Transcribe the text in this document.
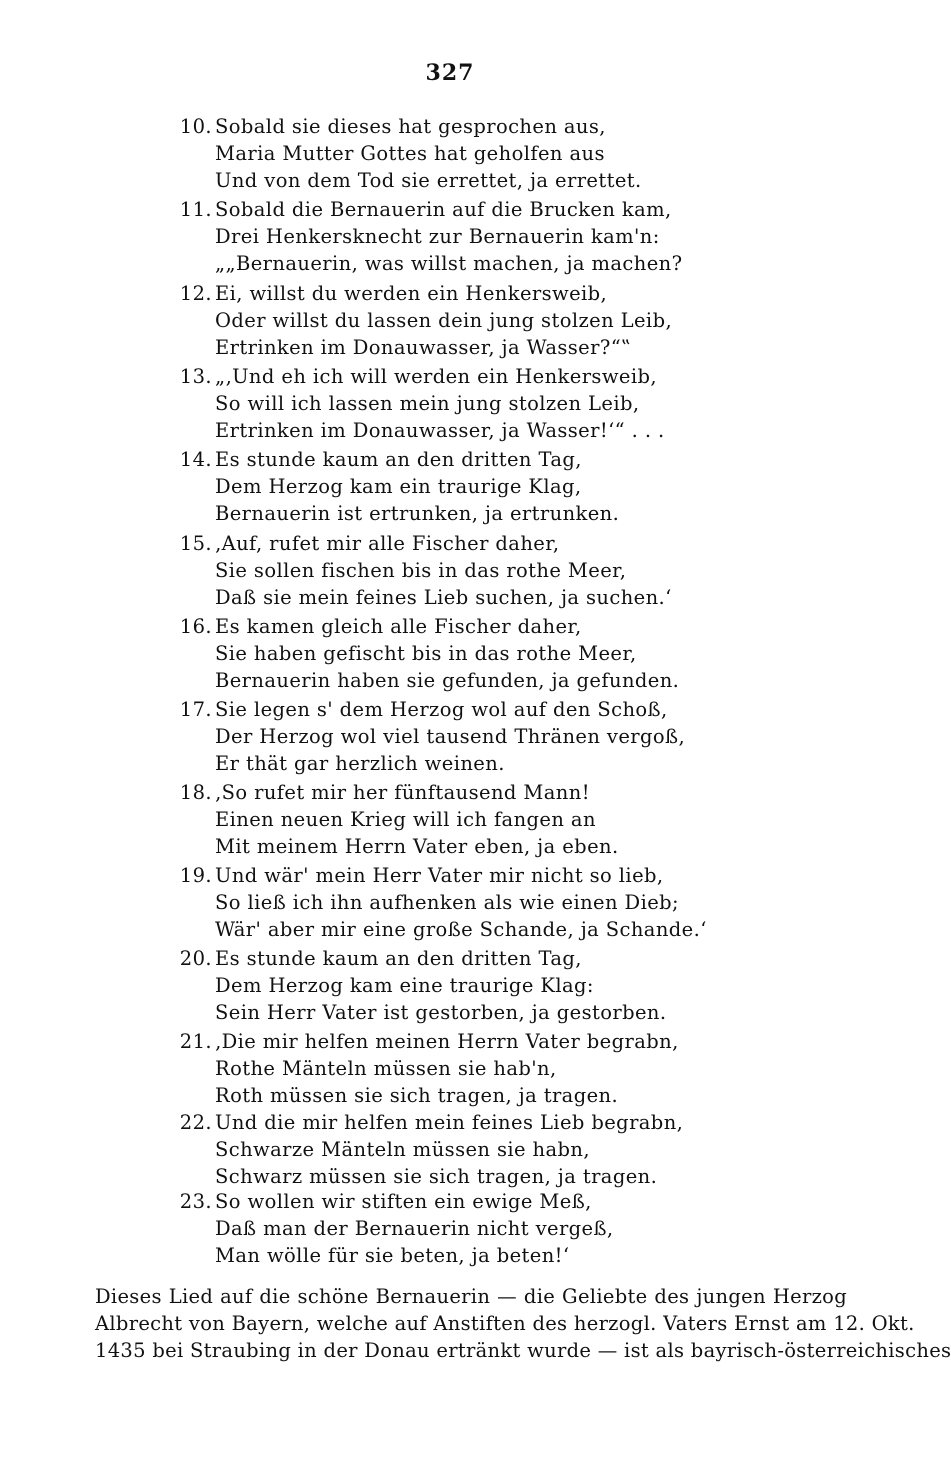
327
10. Sobald sie dieses hat gesprochen aus,
Maria Mutter Gottes hat geholfen aus
Und von dem Tod sie errettet, ja errettet.
11. Sobald die Bernauerin auf die Brucken kam,
Drei Henkersknecht zur Bernauerin kam'n:
„„Bernauerin, was willst machen, ja machen?
12. Ei, willst du werden ein Henkersweib,
Oder willst du lassen dein jung stolzen Leib,
Ertrinken im Donauwasser, ja Wasser?“‟
13. „‚Und eh ich will werden ein Henkersweib,
So will ich lassen mein jung stolzen Leib,
Ertrinken im Donauwasser, ja Wasser!‘“ . . .
14. Es stunde kaum an den dritten Tag,
Dem Herzog kam ein traurige Klag,
Bernauerin ist ertrunken, ja ertrunken.
15. ‚Auf, rufet mir alle Fischer daher,
Sie sollen fischen bis in das rothe Meer,
Daß sie mein feines Lieb suchen, ja suchen.‘
16. Es kamen gleich alle Fischer daher,
Sie haben gefischt bis in das rothe Meer,
Bernauerin haben sie gefunden, ja gefunden.
17. Sie legen s' dem Herzog wol auf den Schoß,
Der Herzog wol viel tausend Thränen vergoß,
Er thät gar herzlich weinen.
18. ‚So rufet mir her fünftausend Mann!
Einen neuen Krieg will ich fangen an
Mit meinem Herrn Vater eben, ja eben.
19. Und wär' mein Herr Vater mir nicht so lieb,
So ließ ich ihn aufhenken als wie einen Dieb;
Wär' aber mir eine große Schande, ja Schande.‘
20. Es stunde kaum an den dritten Tag,
Dem Herzog kam eine traurige Klag:
Sein Herr Vater ist gestorben, ja gestorben.
21. ‚Die mir helfen meinen Herrn Vater begrabn,
Rothe Mänteln müssen sie hab'n,
Roth müssen sie sich tragen, ja tragen.
22. Und die mir helfen mein feines Lieb begrabn,
Schwarze Mänteln müssen sie habn,
Schwarz müssen sie sich tragen, ja tragen.
23. So wollen wir stiften ein ewige Meß,
Daß man der Bernauerin nicht vergeß,
Man wölle für sie beten, ja beten!‘
Dieses Lied auf die schöne Bernauerin — die Geliebte des jungen Herzog
Albrecht von Bayern, welche auf Anstiften des herzogl. Vaters Ernst am 12. Okt.
1435 bei Straubing in der Donau ertränkt wurde — ist als bayrisch-österreichisches
